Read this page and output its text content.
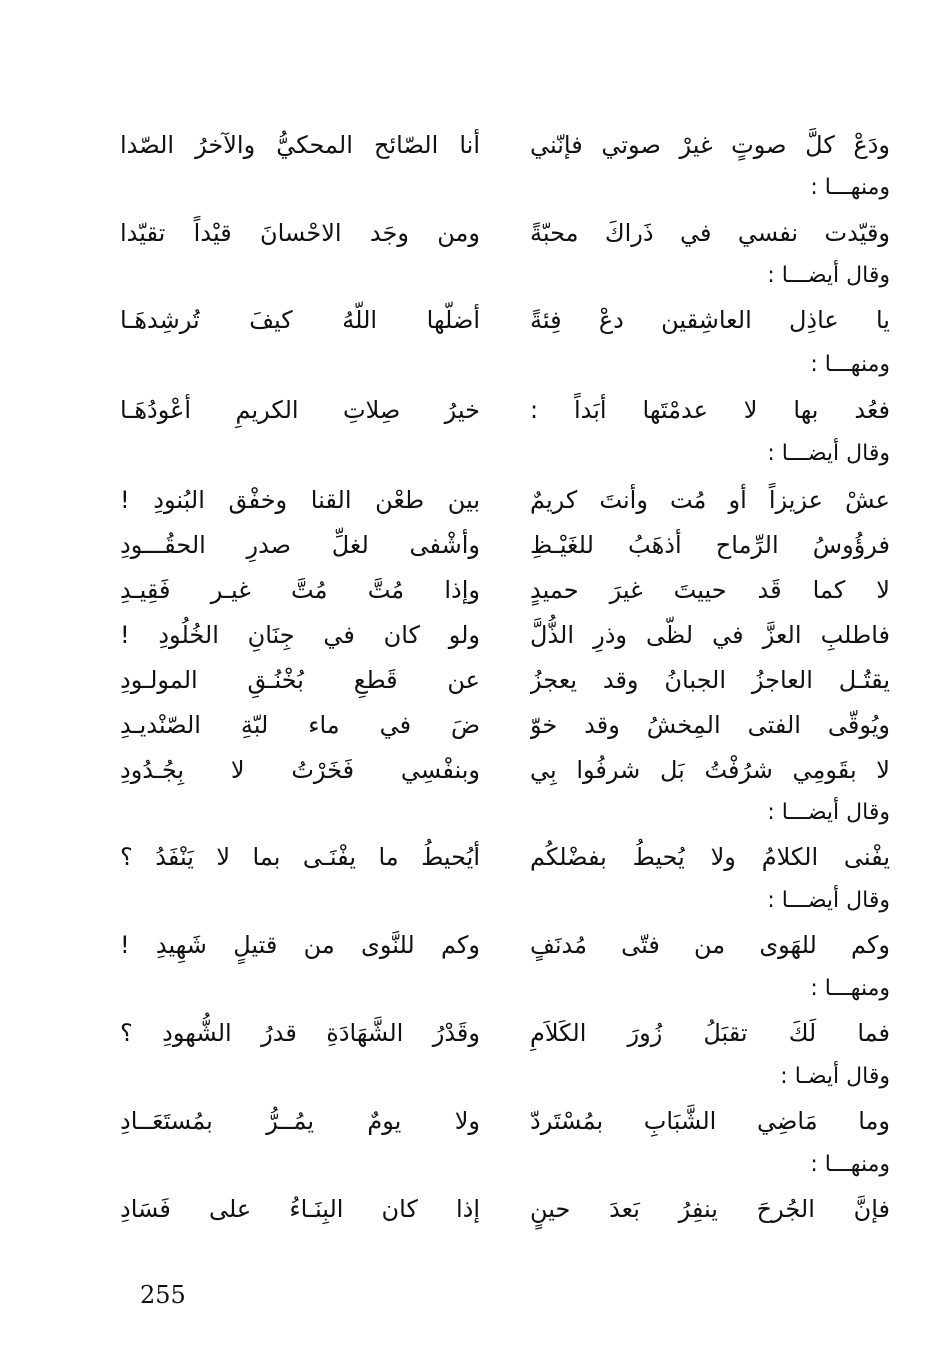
ودَعْ كلَّ صوتٍ غيرْ صوتي فإنّني
أنا الصّائح المحكيُّ والآخرُ الصّدا
ومنهـــا :
وقيّدت نفسي في ذَراكَ محبّةً
ومن وجَد الاحْسانَ قيْداً تقيّدا
وقال أيضـــا :
يا عاذِل العاشِقين دعْ فِئةً
أضلّها اللّهُ كيفَ تُرشِدهَـا
ومنهـــا :
فعُد بها لا عدمْتَها أبَداً :
خيرُ صِلاتِ الكريمِ أعْودُهَـا
وقال أيضـــا :
عشْ عزيزاً أو مُت وأنتَ كريمٌ
بين طعْن القنا وخفْق البُنودِ !
فرؤُوسُ الرِّماح أذهَبُ للغَيْـظِ
وأشْفى لغلِّ صدرِ الحقُـــودِ
لا كما قَد حييتَ غيرَ حميدٍ
وإذا مُتَّ مُتَّ غيـر فَقِيـدِ
فاطلبِ العزَّ في لظّى وذرِ الذُّلَّ
ولو كان في جِنَانِ الخُلُودِ !
يقتُـل العاجزُ الجبانُ وقد يعجزُ
عن قَطعِ بُخْنُـقِ المولـودِ
ويُوقّى الفتى المِخشُ وقد خوّ
ضَ في ماء لبّةِ الصّنْديـدِ
لا بقَومِي شرُفْتُ بَل شرفُوا بِي
وبنفْسِي فَخَرْتُ لا بِجُـدُودِ
وقال أيضـــا :
يفْنى الكلامُ ولا يُحيطُ بفضْلكُم
أيُحيطُ ما يفْنَـى بما لا يَنْفَدُ ؟
وقال أيضـــا :
وكم للهَوى من فتّى مُدنَفٍ
وكم للنَّوى من قتيلٍ شَهِيدِ !
ومنهـــا :
فما لَكَ تقبَلُ زُورَ الكَلاَمِ
وقَدْرُ الشَّهَادَةِ قدرُ الشُّهودِ ؟
وقال أيضـا :
وما مَاضِي الشَّبَابِ بمُسْتَردّ
ولا يومٌ يمُــرُّ بمُستَعَــادِ
ومنهـــا :
فإنَّ الجُرحَ ينفِرُ بَعدَ حينٍ
إذا كان البِنَـاءُ على فَسَادِ
255
